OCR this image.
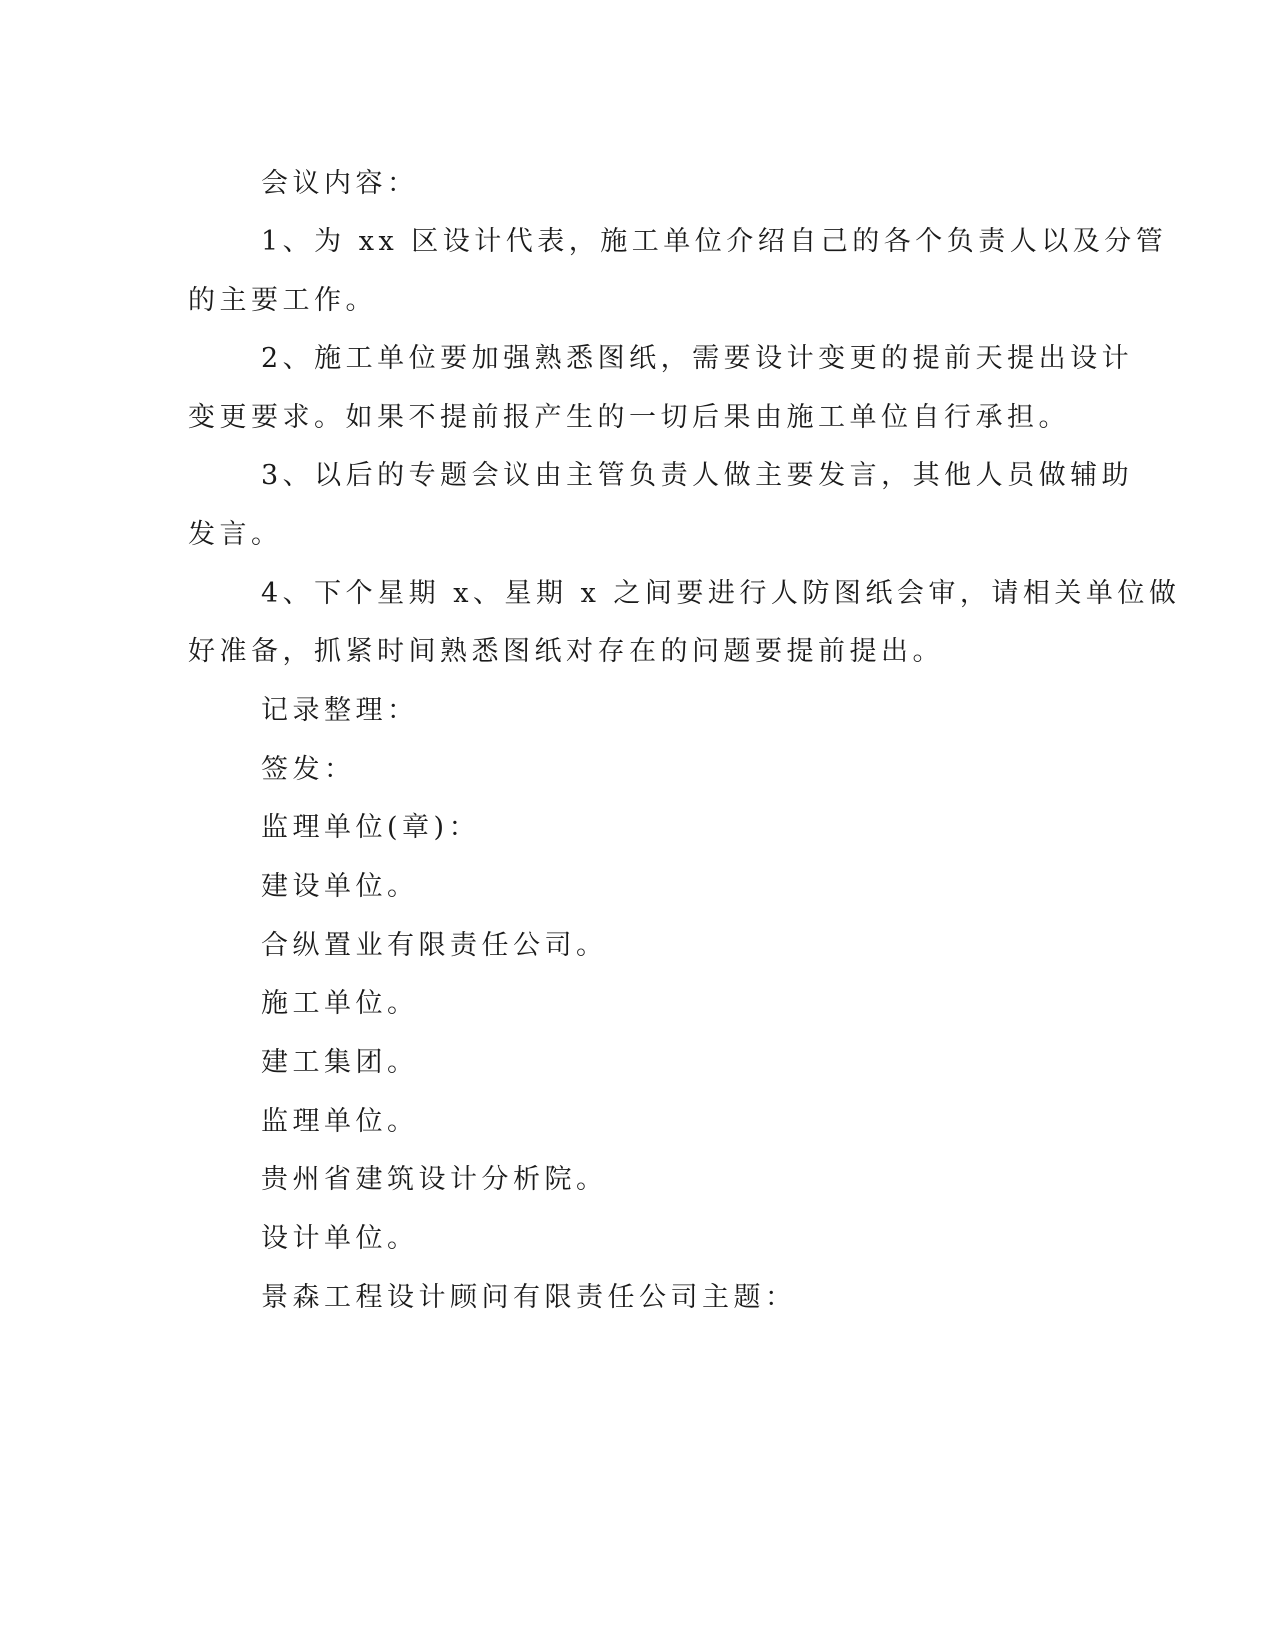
会议内容：
1、为 xx 区设计代表，施工单位介绍自己的各个负责人以及分管
的主要工作。
2、施工单位要加强熟悉图纸，需要设计变更的提前天提出设计
变更要求。如果不提前报产生的一切后果由施工单位自行承担。
3、以后的专题会议由主管负责人做主要发言，其他人员做辅助
发言。
4、下个星期 x、星期 x 之间要进行人防图纸会审，请相关单位做
好准备，抓紧时间熟悉图纸对存在的问题要提前提出。
记录整理：
签发：
监理单位(章)：
建设单位。
合纵置业有限责任公司。
施工单位。
建工集团。
监理单位。
贵州省建筑设计分析院。
设计单位。
景森工程设计顾问有限责任公司主题：
